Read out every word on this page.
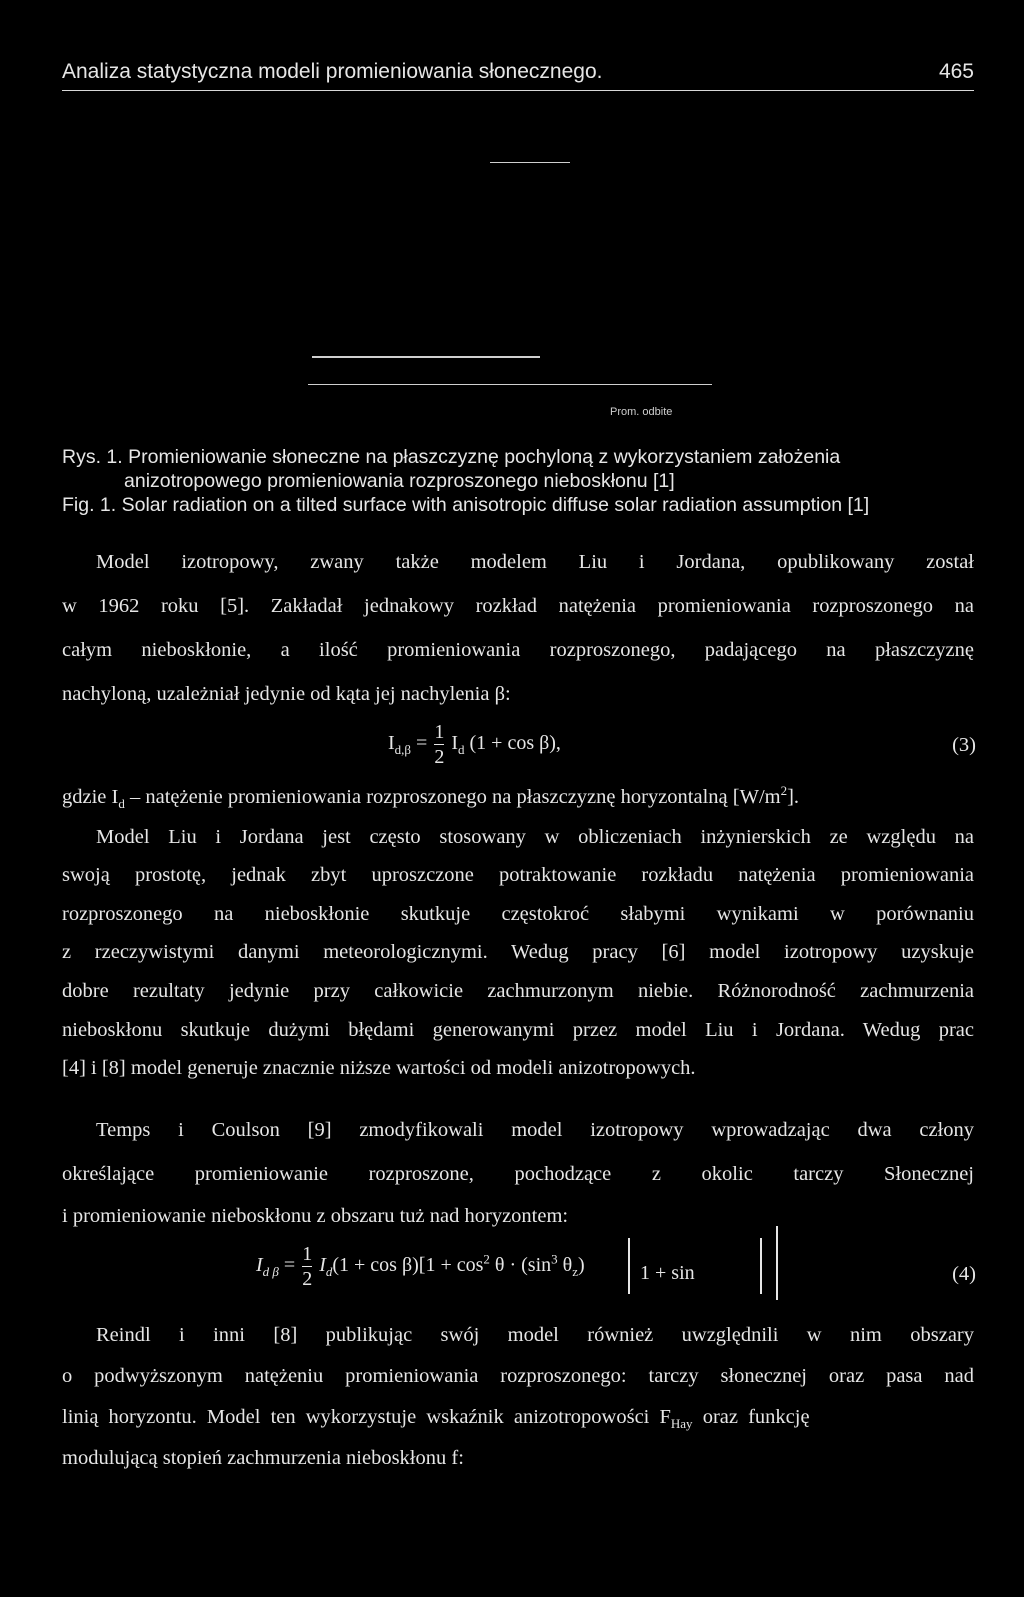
Analiza statystyczna modeli promieniowania słonecznego.	465
Prom. odbite
Rys. 1. Promieniowanie słoneczne na płaszczyznę pochyloną z wykorzystaniem założenia
anizotropowego promieniowania rozproszonego nieboskłonu [1]
Fig. 1. Solar radiation on a tilted surface with anisotropic diffuse solar radiation assumption [1]
Model izotropowy, zwany także modelem Liu i Jordana, opublikowany został
w 1962 roku [5]. Zakładał jednakowy rozkład natężenia promieniowania rozproszonego na
całym nieboskłonie, a ilość promieniowania rozproszonego, padającego na płaszczyznę
nachyloną, uzależniał jedynie od kąta jej nachylenia β:
$I_{d,\beta} = \frac{1}{2} I_d$ (1 + cos β),	(3)
gdzie $I_d$ – natężenie promieniowania rozproszonego na płaszczyznę horyzontalną $[W/m^2]$.
Model Liu i Jordana jest często stosowany w obliczeniach inżynierskich ze względu na
swoją prostotę, jednak zbyt uproszczone potraktowanie rozkładu natężenia promieniowania
rozproszonego na nieboskłonie skutkuje częstokroć słabymi wynikami w porównaniu
z rzeczywistymi danymi meteorologicznymi. Wedug pracy [6] model izotropowy uzyskuje
dobre rezultaty jedynie przy całkowicie zachmurzonym niebie. Różnorodność zachmurzenia
nieboskłonu skutkuje dużymi błędami generowanymi przez model Liu i Jordana. Wedug prac
[4] i [8] model generuje znacznie niższe wartości od modeli anizotropowych.
Temps i Coulson [9] zmodyfikowali model izotropowy wprowadzając dwa człony
określające promieniowanie rozproszone, pochodzące z okolic tarczy Słonecznej
i promieniowanie nieboskłonu z obszaru tuż nad horyzontem:
$I_{d \beta} = \frac{1}{2} I_d(1 + \cos \beta)[1 + \cos^2 \theta \cdot (\sin^3$ $\theta_z$)	1 + sin	(4)
Reindl i inni [8] publikując swój model również uwzględnili w nim obszary
o podwyższonym natężeniu promieniowania rozproszonego: tarczy słonecznej oraz pasa nad
linią horyzontu. Model ten wykorzystuje wskaźnik anizotropowości $F_{Hay}$ oraz funkcję
modulującą stopień zachmurzenia nieboskłonu f:
